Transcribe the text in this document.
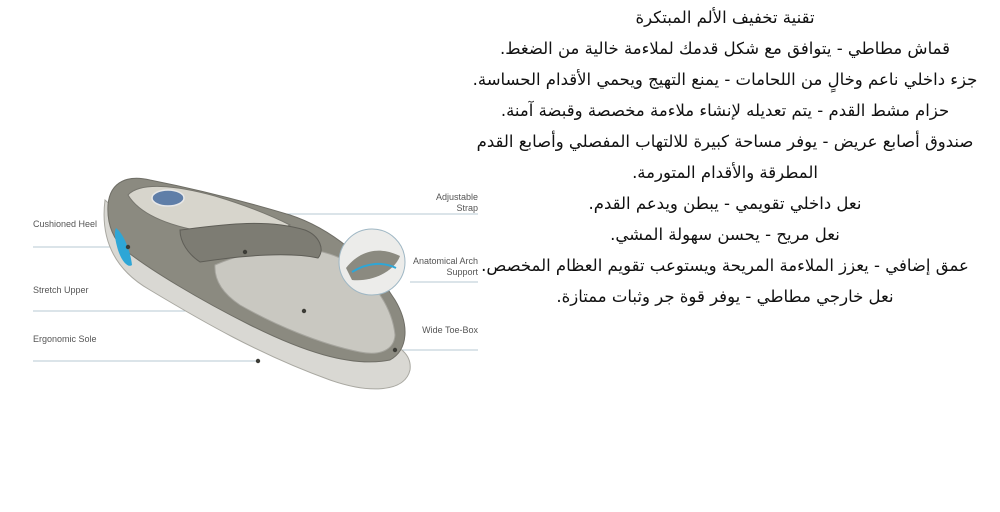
Cushioned Heel
Stretch Upper
Ergonomic Sole
Adjustable Strap
Anatomical Arch Support
Wide Toe-Box

تقنية تخفيف الألم المبتكرة

قماش مطاطي - يتوافق مع شكل قدمك لملاءمة خالية من الضغط.

جزء داخلي ناعم وخالٍ من اللحامات - يمنع التهيج ويحمي الأقدام الحساسة.

حزام مشط القدم - يتم تعديله لإنشاء ملاءمة مخصصة وقبضة آمنة.

صندوق أصابع عريض - يوفر مساحة كبيرة للالتهاب المفصلي وأصابع القدم المطرقة والأقدام المتورمة.

نعل داخلي تقويمي - يبطن ويدعم القدم.

نعل مريح - يحسن سهولة المشي.

عمق إضافي - يعزز الملاءمة المريحة ويستوعب تقويم العظام المخصص.

نعل خارجي مطاطي - يوفر قوة جر وثبات ممتازة.
